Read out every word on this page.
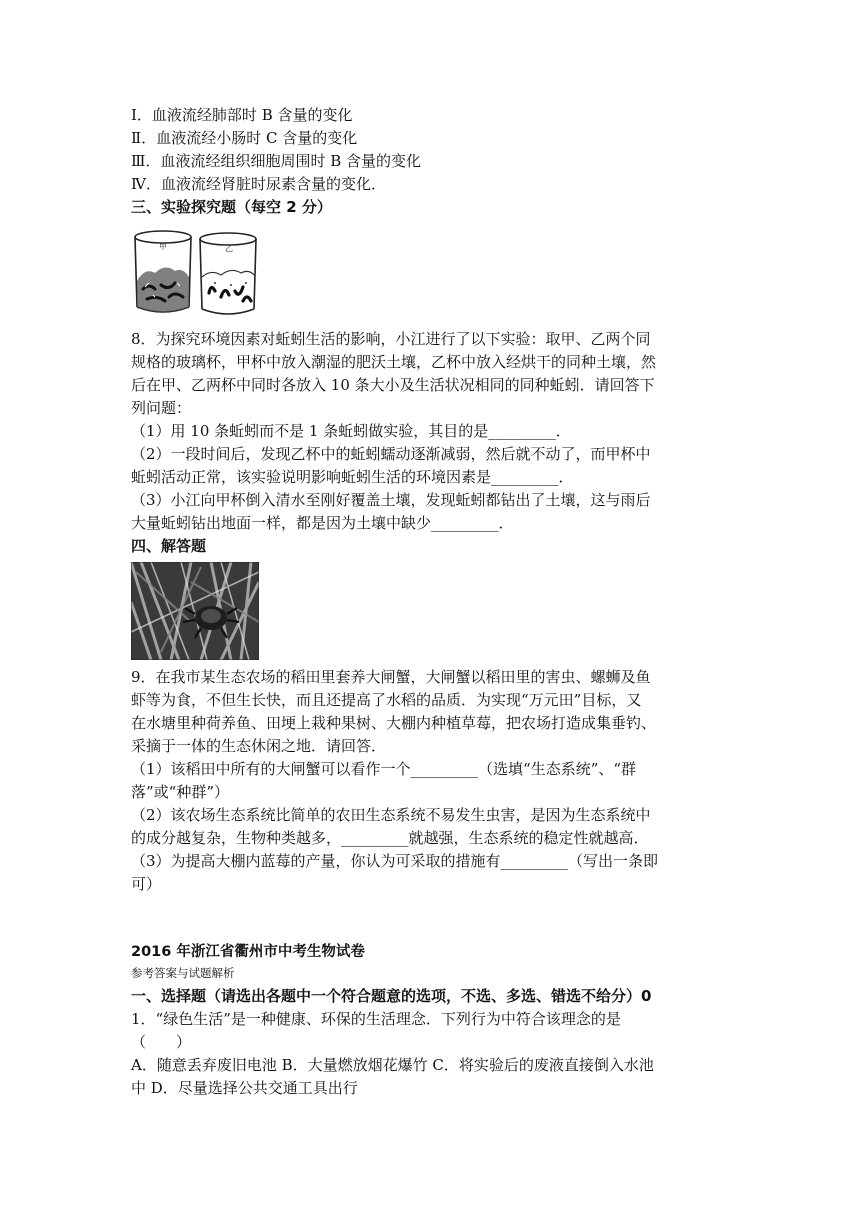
Ⅰ．血液流经肺部时 B 含量的变化
Ⅱ．血液流经小肠时 C 含量的变化
Ⅲ．血液流经组织细胞周围时 B 含量的变化
Ⅳ．血液流经肾脏时尿素含量的变化．
三、实验探究题（每空 2 分）
甲	乙
8．为探究环境因素对蚯蚓生活的影响，小江进行了以下实验：取甲、乙两个同
规格的玻璃杯，甲杯中放入潮湿的肥沃土壤，乙杯中放入经烘干的同种土壤，然
后在甲、乙两杯中同时各放入 10 条大小及生活状况相同的同种蚯蚓．请回答下
列问题：
（1）用 10 条蚯蚓而不是 1 条蚯蚓做实验，其目的是_________．
（2）一段时间后，发现乙杯中的蚯蚓蠕动逐渐减弱，然后就不动了，而甲杯中
蚯蚓活动正常，该实验说明影响蚯蚓生活的环境因素是_________．
（3）小江向甲杯倒入清水至刚好覆盖土壤，发现蚯蚓都钻出了土壤，这与雨后
大量蚯蚓钻出地面一样，都是因为土壤中缺少_________．
四、解答题
9．在我市某生态农场的稻田里套养大闸蟹，大闸蟹以稻田里的害虫、螺蛳及鱼
虾等为食，不但生长快，而且还提高了水稻的品质．为实现“万元田”目标，又
在水塘里种荷养鱼、田埂上栽种果树、大棚内种植草莓，把农场打造成集垂钓、
采摘于一体的生态休闲之地．请回答．
（1）该稻田中所有的大闸蟹可以看作一个_________（选填“生态系统”、“群
落”或“种群”）
（2）该农场生态系统比简单的农田生态系统不易发生虫害，是因为生态系统中
的成分越复杂，生物种类越多，_________就越强，生态系统的稳定性就越高．
（3）为提高大棚内蓝莓的产量，你认为可采取的措施有_________（写出一条即
可）
2016 年浙江省衢州市中考生物试卷
参考答案与试题解析
一、选择题（请选出各题中一个符合题意的选项，不选、多选、错选不给分）0
1．“绿色生活”是一种健康、环保的生活理念．下列行为中符合该理念的是
（　　）
A．随意丢弃废旧电池 B．大量燃放烟花爆竹 C．将实验后的废液直接倒入水池
中 D．尽量选择公共交通工具出行
